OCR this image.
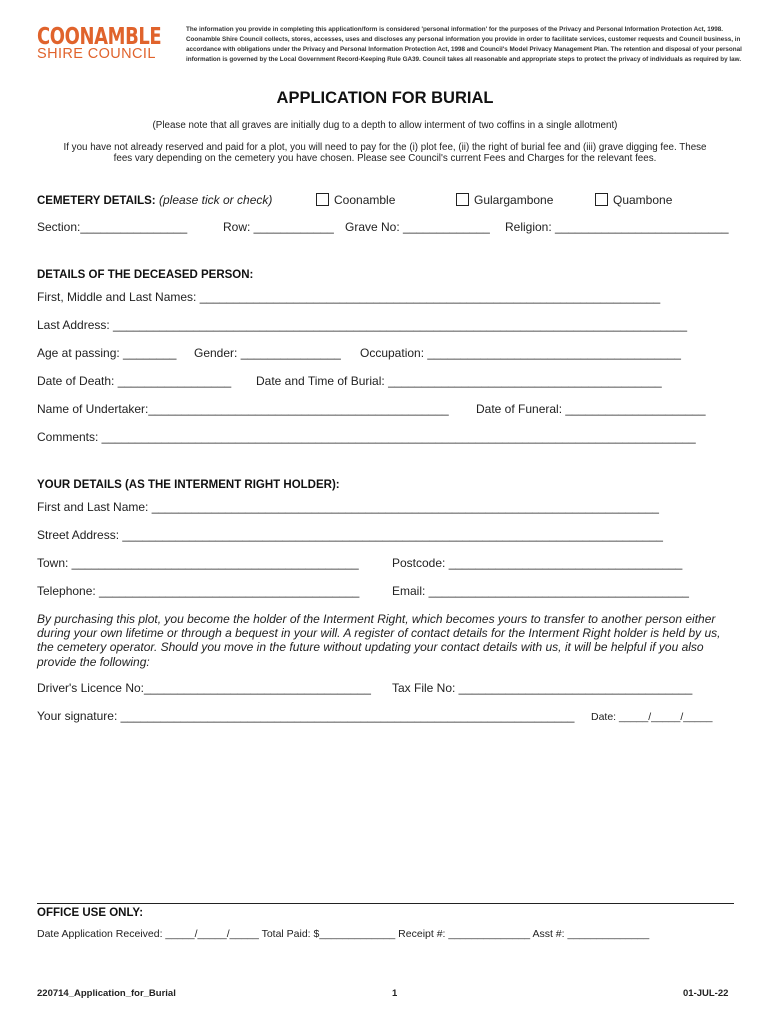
COONAMBLE
SHIRE COUNCIL
The information you provide in completing this application/form is considered 'personal information' for the purposes of the Privacy and Personal Information Protection Act, 1998. Coonamble Shire Council collects, stores, accesses, uses and discloses any personal information you provide in order to facilitate services, customer requests and Council business, in accordance with obligations under the Privacy and Personal Information Protection Act, 1998 and Council's Model Privacy Management Plan. The retention and disposal of your personal information is governed by the Local Government Record-Keeping Rule GA39. Council takes all reasonable and appropriate steps to protect the privacy of individuals as required by law.
APPLICATION FOR BURIAL
(Please note that all graves are initially dug to a depth to allow interment of two coffins in a single allotment)
If you have not already reserved and paid for a plot, you will need to pay for the (i) plot fee, (ii) the right of burial fee and (iii) grave digging fee. These
fees vary depending on the cemetery you have chosen. Please see Council's current Fees and Charges for the relevant fees.
CEMETERY DETAILS: (please tick or check)	Coonamble	Gulargambone	Quambone
Section:________________	Row: ____________ Grave No: _____________ Religion: __________________________
DETAILS OF THE DECEASED PERSON:
First, Middle and Last Names: _____________________________________________________________________
Last Address: ______________________________________________________________________________________
Age at passing: ________ Gender: _______________ Occupation: ______________________________________
Date of Death: _________________ Date and Time of Burial: _________________________________________
Name of Undertaker:_____________________________________________ Date of Funeral: _____________________
Comments: _________________________________________________________________________________________
YOUR DETAILS (AS THE INTERMENT RIGHT HOLDER):
First and Last Name: ____________________________________________________________________________
Street Address: _________________________________________________________________________________
Town: ___________________________________________	Postcode: ___________________________________
Telephone: _______________________________________	Email: _______________________________________
By purchasing this plot, you become the holder of the Interment Right, which becomes yours to transfer to another person either during your own lifetime or through a bequest in your will. A register of contact details for the Interment Right holder is held by us, the cemetery operator. Should you move in the future without updating your contact details with us, it will be helpful if you also provide the following:
Driver's Licence No:__________________________________ Tax File No: ___________________________________
Your signature: ____________________________________________________________________ Date: _____/_____/_____
OFFICE USE ONLY:
Date Application Received: _____/_____/_____ Total Paid: $_____________ Receipt #: ______________ Asst #: ______________
220714_Application_for_Burial	1	01-JUL-22
